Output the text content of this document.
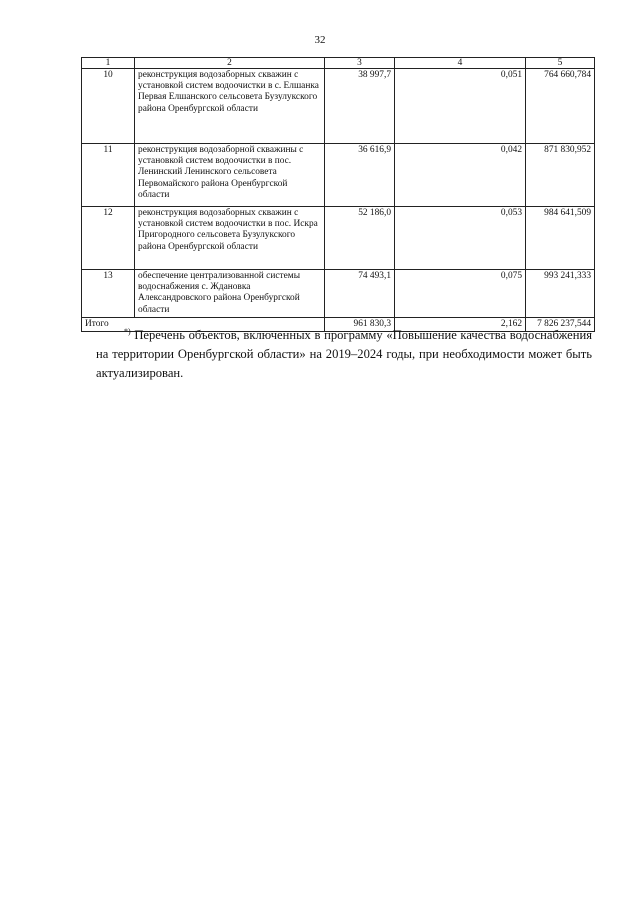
32
1	2	3	4	5
10	реконструкция водозаборных скважин с установкой систем водоочистки в с. Елшанка Первая Елшанского сельсовета Бузулукского района Оренбургской области	38 997,7	0,051	764 660,784
11	реконструкция водозаборной скважины с установкой систем водоочистки в пос. Ленинский Ленинского сельсовета Первомайского района Оренбургской области	36 616,9	0,042	871 830,952
12	реконструкция водозаборных скважин с установкой систем водоочистки в пос. Искра Пригородного сельсовета Бузулукского района Оренбургской области	52 186,0	0,053	984 641,509
13	обеспечение централизованной системы водоснабжения с. Ждановка Александровского района Оренбургской области	74 493,1	0,075	993 241,333
Итого		961 830,3	2,162	7 826 237,544

*) Перечень объектов, включенных в программу «Повышение качества водоснабжения на территории Оренбургской области» на 2019–2024 годы, при необходимости может быть актуализирован.
